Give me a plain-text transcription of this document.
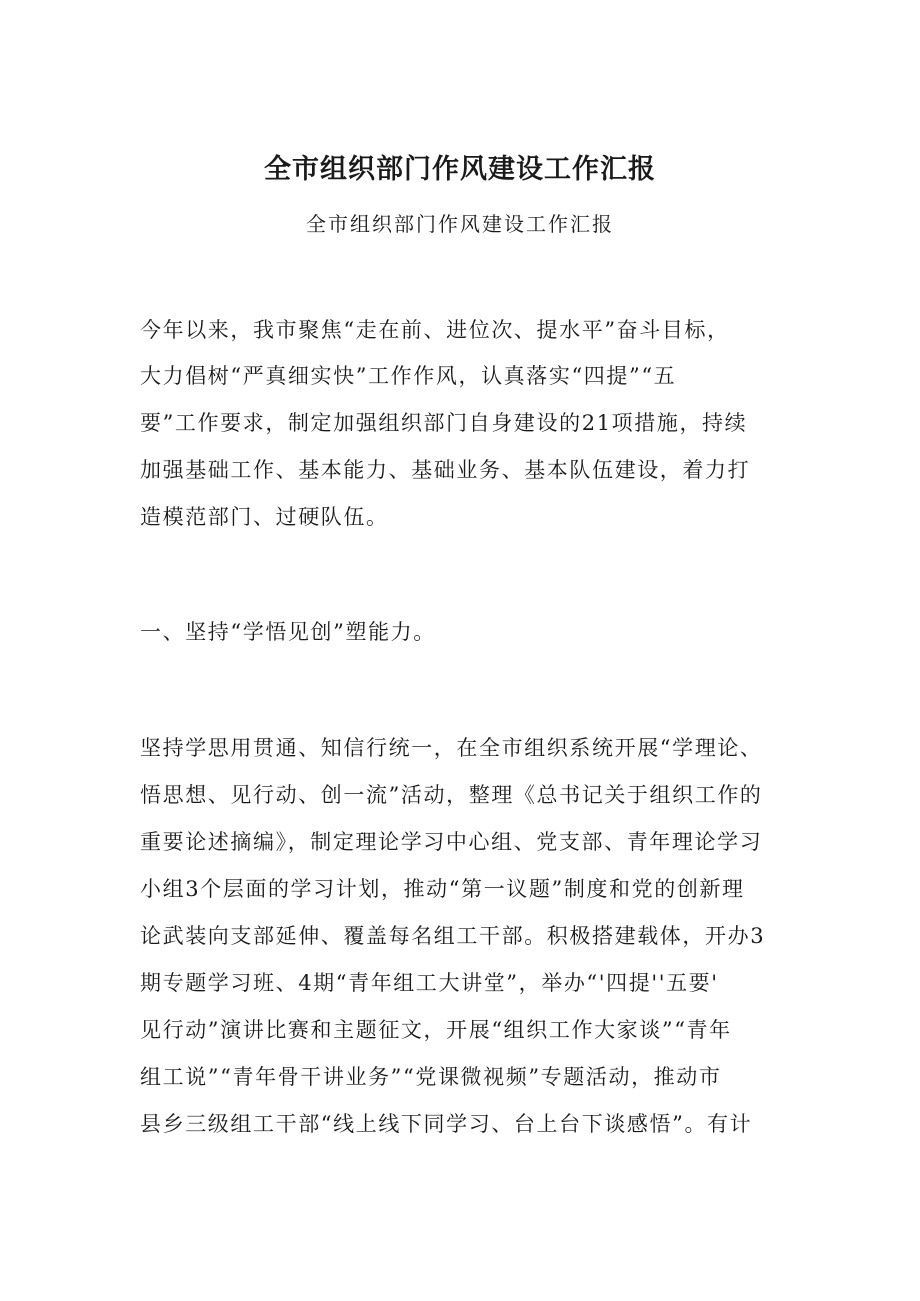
全市组织部门作风建设工作汇报

全市组织部门作风建设工作汇报

今年以来，我市聚焦“走在前、进位次、提水平”奋斗目标，

大力倡树“严真细实快”工作作风，认真落实“四提”“五

要”工作要求，制定加强组织部门自身建设的21项措施，持续

加强基础工作、基本能力、基础业务、基本队伍建设，着力打

造模范部门、过硬队伍。

一、坚持“学悟见创”塑能力。

坚持学思用贯通、知信行统一，在全市组织系统开展“学理论、

悟思想、见行动、创一流”活动，整理《总书记关于组织工作的

重要论述摘编》，制定理论学习中心组、党支部、青年理论学习

小组3个层面的学习计划，推动“第一议题”制度和党的创新理

论武装向支部延伸、覆盖每名组工干部。积极搭建载体，开办3

期专题学习班、4期“青年组工大讲堂”，举办“'四提''五要'

见行动”演讲比赛和主题征文，开展“组织工作大家谈”“青年

组工说”“青年骨干讲业务”“党课微视频”专题活动，推动市

县乡三级组工干部“线上线下同学习、台上台下谈感悟”。有计
